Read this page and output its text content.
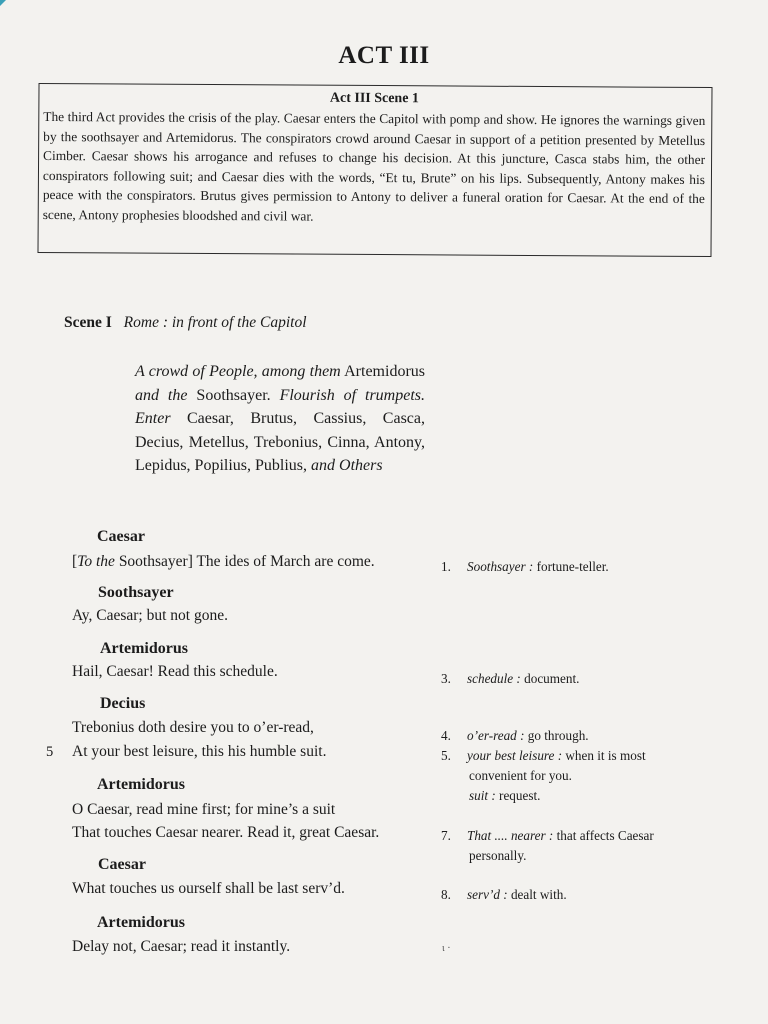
ACT III
Act III Scene 1

The third Act provides the crisis of the play. Caesar enters the Capitol with pomp and show. He ignores the warnings given by the soothsayer and Artemidorus. The conspirators crowd around Caesar in support of a petition presented by Metellus Cimber. Caesar shows his arrogance and refuses to change his decision. At this juncture, Casca stabs him, the other conspirators following suit; and Caesar dies with the words, “Et tu, Brute” on his lips. Subsequently, Antony makes his peace with the conspirators. Brutus gives permission to Antony to deliver a funeral oration for Caesar. At the end of the scene, Antony prophesies bloodshed and civil war.

Scene I Rome : in front of the Capitol
A crowd of People, among them Artemidorus and the Soothsayer. Flourish of trumpets. Enter Caesar, Brutus, Cassius, Casca, Decius, Metellus, Trebonius, Cinna, Antony, Lepidus, Popilius, Publius, and Others
Caesar
[To the Soothsayer] The ides of March are come.
Soothsayer
Ay, Caesar; but not gone.
Artemidorus
Hail, Caesar! Read this schedule.
Decius
Trebonius doth desire you to o’er-read,
5 At your best leisure, this his humble suit.
Artemidorus
O Caesar, read mine first; for mine’s a suit
That touches Caesar nearer. Read it, great Caesar.
Caesar
What touches us ourself shall be last serv’d.
Artemidorus
Delay not, Caesar; read it instantly.
1. Soothsayer : fortune-teller.
3. schedule : document.
4. o’er-read : go through.
5. your best leisure : when it is most
convenient for you.
suit : request.
7. That .... nearer : that affects Caesar
personally.
8. serv’d : dealt with.
ι ·
